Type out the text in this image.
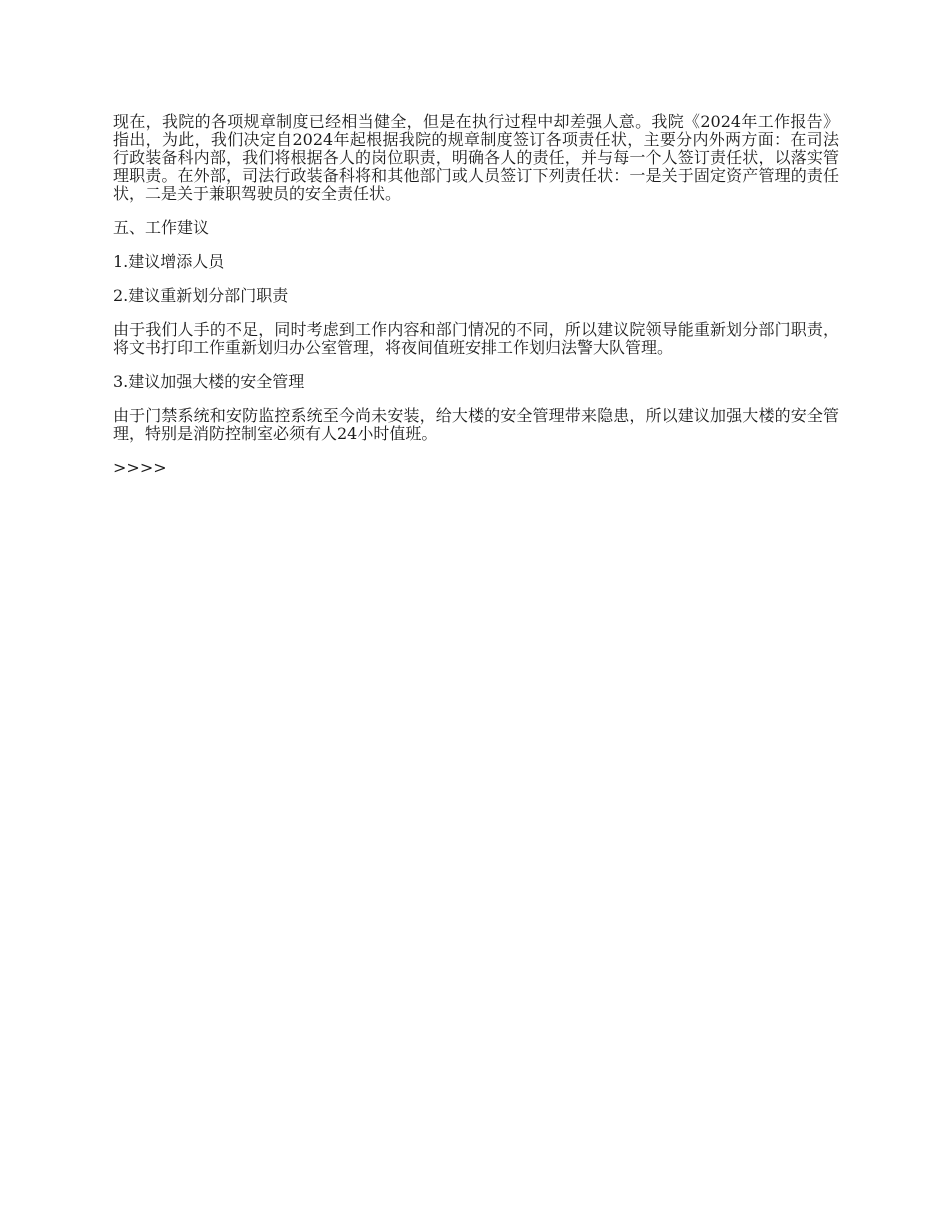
现在，我院的各项规章制度已经相当健全，但是在执行过程中却差强人意。我院《2024年工作报告》指出，为此，我们决定自2024年起根据我院的规章制度签订各项责任状，主要分内外两方面：在司法行政装备科内部，我们将根据各人的岗位职责，明确各人的责任，并与每一个人签订责任状，以落实管理职责。在外部，司法行政装备科将和其他部门或人员签订下列责任状：一是关于固定资产管理的责任状，二是关于兼职驾驶员的安全责任状。

五、工作建议

1.建议增添人员

2.建议重新划分部门职责

由于我们人手的不足，同时考虑到工作内容和部门情况的不同，所以建议院领导能重新划分部门职责，将文书打印工作重新划归办公室管理，将夜间值班安排工作划归法警大队管理。

3.建议加强大楼的安全管理

由于门禁系统和安防监控系统至今尚未安装，给大楼的安全管理带来隐患，所以建议加强大楼的安全管理，特别是消防控制室必须有人24小时值班。

>>>>
